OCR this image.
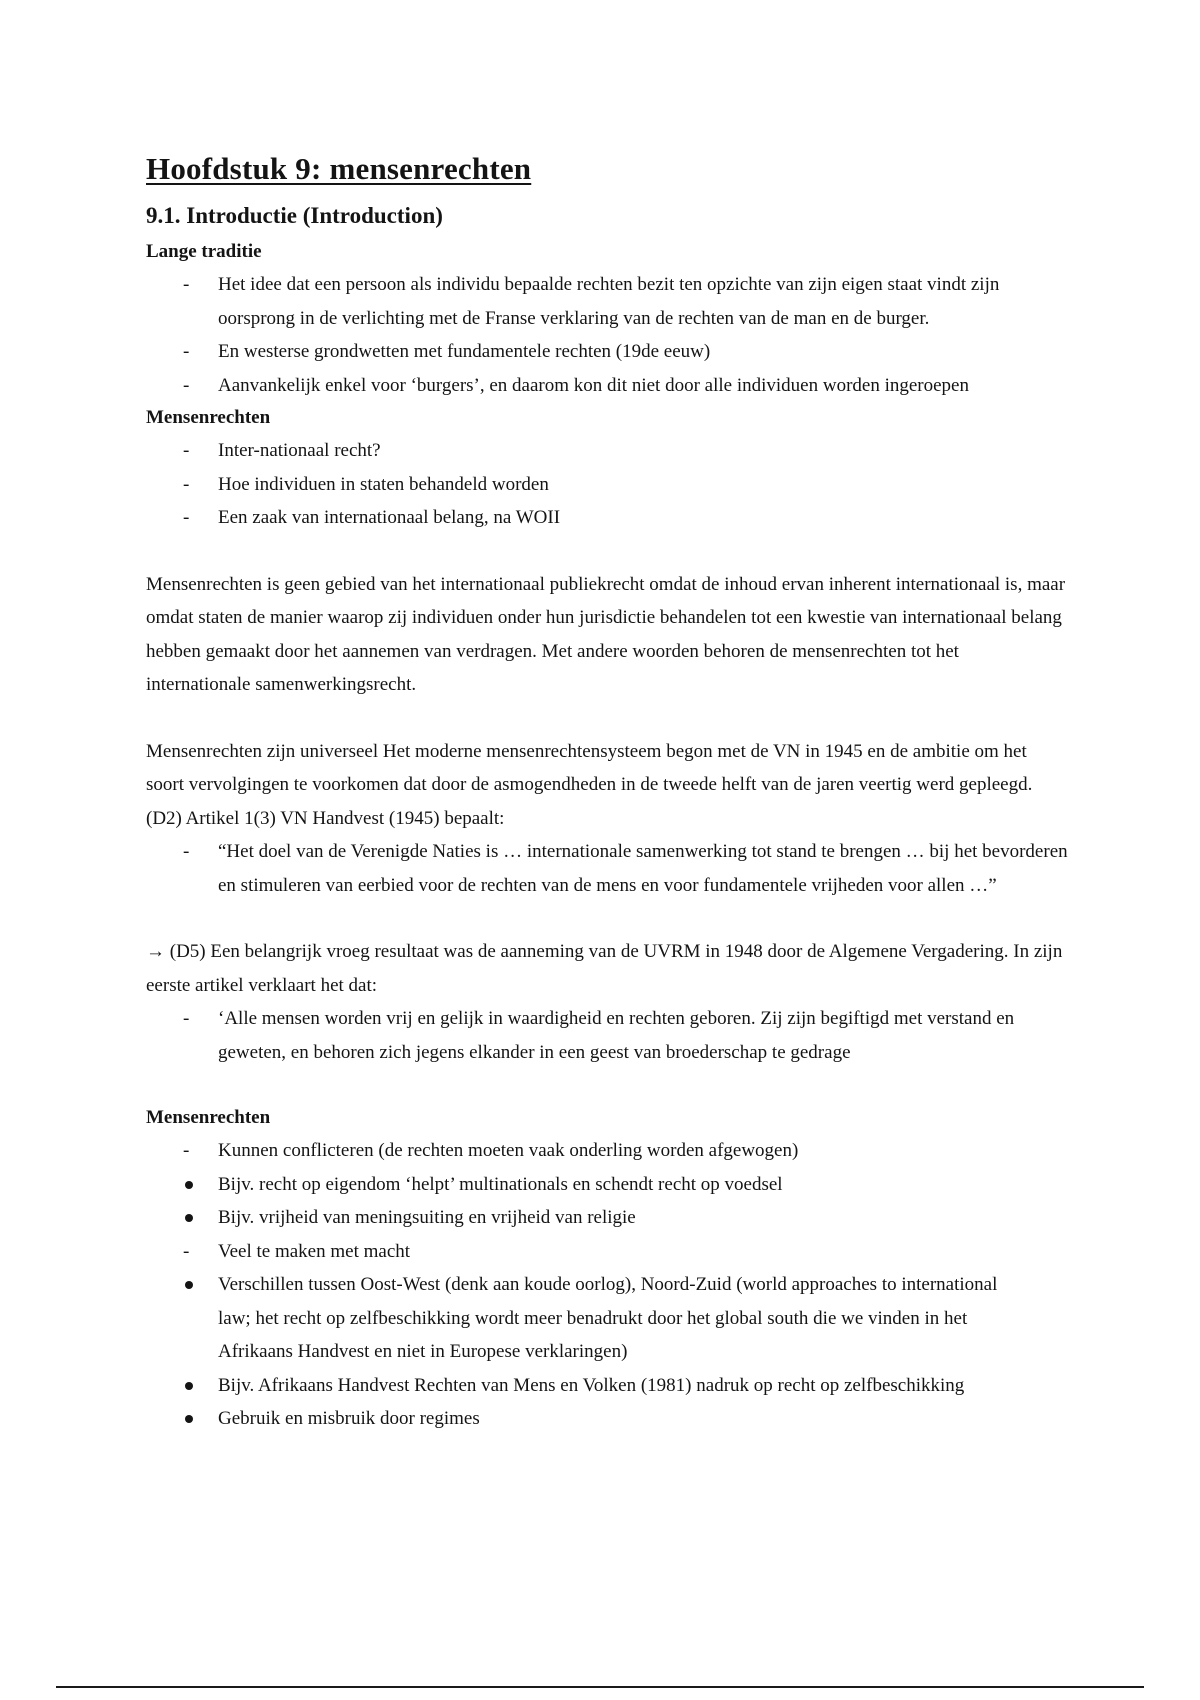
Hoofdstuk 9: mensenrechten
9.1. Introductie (Introduction)

Lange traditie

- Het idee dat een persoon als individu bepaalde rechten bezit ten opzichte van zijn eigen staat vindt zijn oorsprong in de verlichting met de Franse verklaring van de rechten van de man en de burger.
- En westerse grondwetten met fundamentele rechten (19de eeuw)
- Aanvankelijk enkel voor ‘burgers’, en daarom kon dit niet door alle individuen worden ingeroepen

Mensenrechten

- Inter-nationaal recht?
- Hoe individuen in staten behandeld worden
- Een zaak van internationaal belang, na WOII

Mensenrechten is geen gebied van het internationaal publiekrecht omdat de inhoud ervan inherent internationaal is, maar omdat staten de manier waarop zij individuen onder hun jurisdictie behandelen tot een kwestie van internationaal belang hebben gemaakt door het aannemen van verdragen. Met andere woorden behoren de mensenrechten tot het internationale samenwerkingsrecht.

Mensenrechten zijn universeel Het moderne mensenrechtensysteem begon met de VN in 1945 en de ambitie om het soort vervolgingen te voorkomen dat door de asmogendheden in de tweede helft van de jaren veertig werd gepleegd. (D2) Artikel 1(3) VN Handvest (1945) bepaalt:

- “Het doel van de Verenigde Naties is … internationale samenwerking tot stand te brengen … bij het bevorderen en stimuleren van eerbied voor de rechten van de mens en voor fundamentele vrijheden voor allen …”

→ (D5) Een belangrijk vroeg resultaat was de aanneming van de UVRM in 1948 door de Algemene Vergadering. In zijn eerste artikel verklaart het dat:

- ‘Alle mensen worden vrij en gelijk in waardigheid en rechten geboren. Zij zijn begiftigd met verstand en geweten, en behoren zich jegens elkander in een geest van broederschap te gedrage

Mensenrechten

- Kunnen conflicteren (de rechten moeten vaak onderling worden afgewogen)
Bijv. recht op eigendom ‘helpt’ multinationals en schendt recht op voedsel
Bijv. vrijheid van meningsuiting en vrijheid van religie
- Veel te maken met macht
Verschillen tussen Oost-West (denk aan koude oorlog), Noord-Zuid (world approaches to international law; het recht op zelfbeschikking wordt meer benadrukt door het global south die we vinden in het Afrikaans Handvest en niet in Europese verklaringen)
Bijv. Afrikaans Handvest Rechten van Mens en Volken (1981) nadruk op recht op zelfbeschikking
Gebruik en misbruik door regimes
